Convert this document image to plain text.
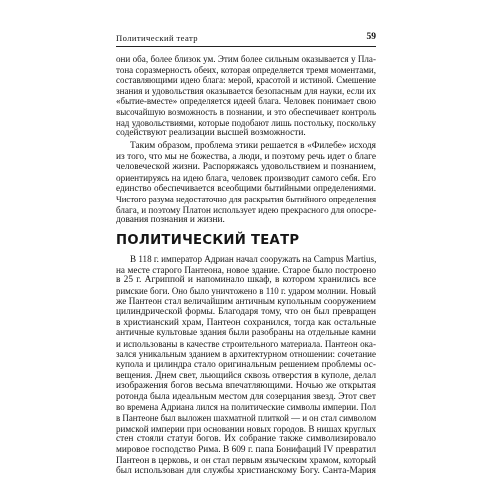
Политический театр	59
они оба, более близок ум. Этим более сильным оказывается у Пла-
тона соразмерность обеих, которая определяется тремя моментами,
составляющими идею блага: мерой, красотой и истиной. Смешение
знания и удовольствия оказывается безопасным для науки, если их
«бытие-вместе» определяется идеей блага. Человек понимает свою
высочайшую возможность в познании, и это обеспечивает контроль
над удовольствиями, которые подобают лишь постольку, поскольку
содействуют реализации высшей возможности.
Таким образом, проблема этики решается в «Филебе» исходя
из того, что мы не божества, а люди, и поэтому речь идет о благе
человеческой жизни. Распоряжаясь удовольствием и познанием,
ориентируясь на идею блага, человек производит самого себя. Его
единство обеспечивается всеобщими бытийными определениями.
Чистого разума недостаточно для раскрытия бытийного определения
блага, и поэтому Платон использует идею прекрасного для опосре-
дования познания и жизни.
ПОЛИТИЧЕСКИЙ ТЕАТР
В 118 г. император Адриан начал сооружать на Campus Martius,
на месте старого Пантеона, новое здание. Старое было построено
в 25 г. Агриппой и напоминало шкаф, в котором хранились все
римские боги. Оно было уничтожено в 110 г. ударом молнии. Новый
же Пантеон стал величайшим античным купольным сооружением
цилиндрической формы. Благодаря тому, что он был превращен
в христианский храм, Пантеон сохранился, тогда как остальные
античные культовые здания были разобраны на отдельные камни
и использованы в качестве строительного материала. Пантеон ока-
зался уникальным зданием в архитектурном отношении: сочетание
купола и цилиндра стало оригинальным решением проблемы ос-
вещения. Днем свет, льющийся сквозь отверстия в куполе, делал
изображения богов весьма впечатляющими. Ночью же открытая
ротонда была идеальным местом для созерцания звезд. Этот свет
во времена Адриана лился на политические символы империи. Пол
в Пантеоне был выложен шахматной плиткой — и он стал символом
римской империи при основании новых городов. В нишах круглых
стен стояли статуи богов. Их собрание также символизировало
мировое господство Рима. В 609 г. папа Бонифаций IV превратил
Пантеон в церковь, и он стал первым языческим храмом, который
был использован для службы христианскому Богу. Санта-Мария
